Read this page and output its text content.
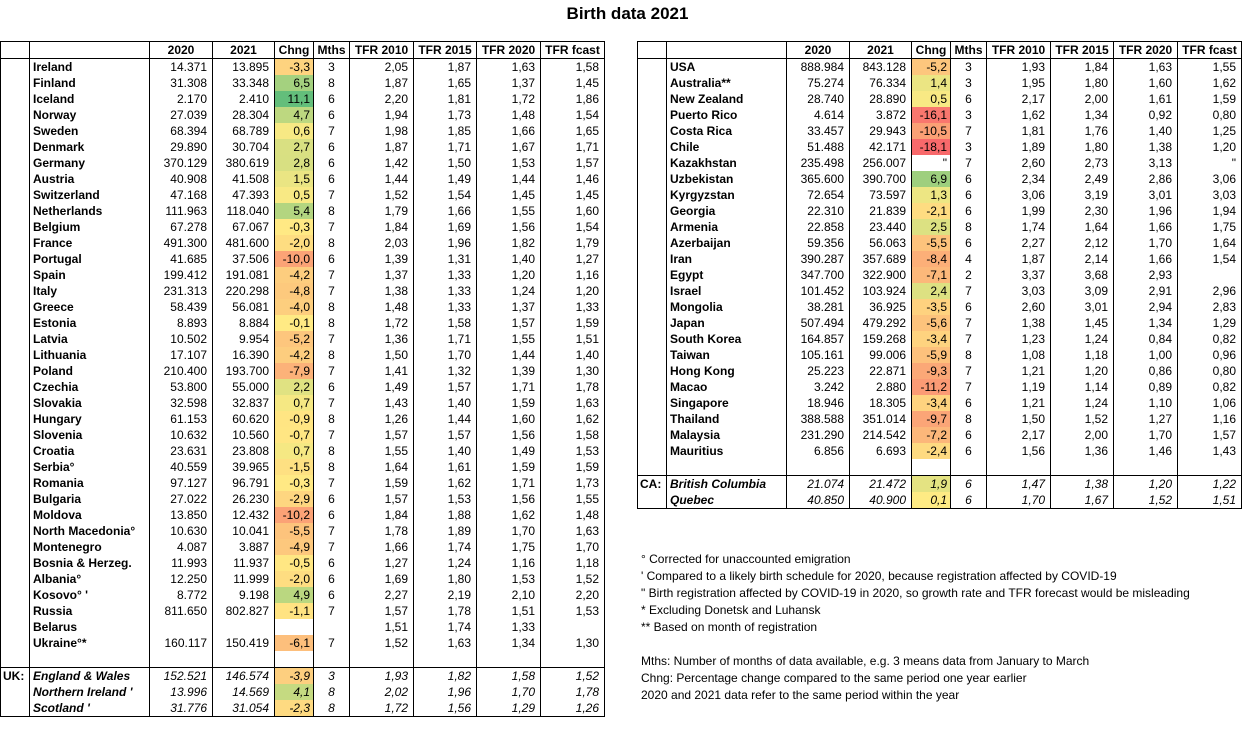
Birth data 2021
		2020	2021	Chng	Mths	TFR 2010	TFR 2015	TFR 2020	TFR fcast
	Ireland	14.371	13.895	-3,3	3	2,05	1,87	1,63	1,58
	Finland	31.308	33.348	6,5	8	1,87	1,65	1,37	1,45
	Iceland	2.170	2.410	11,1	6	2,20	1,81	1,72	1,86
	Norway	27.039	28.304	4,7	6	1,94	1,73	1,48	1,54
	Sweden	68.394	68.789	0,6	7	1,98	1,85	1,66	1,65
	Denmark	29.890	30.704	2,7	6	1,87	1,71	1,67	1,71
	Germany	370.129	380.619	2,8	6	1,42	1,50	1,53	1,57
	Austria	40.908	41.508	1,5	6	1,44	1,49	1,44	1,46
	Switzerland	47.168	47.393	0,5	7	1,52	1,54	1,45	1,45
	Netherlands	111.963	118.040	5,4	8	1,79	1,66	1,55	1,60
	Belgium	67.278	67.067	-0,3	7	1,84	1,69	1,56	1,54
	France	491.300	481.600	-2,0	8	2,03	1,96	1,82	1,79
	Portugal	41.685	37.506	-10,0	6	1,39	1,31	1,40	1,27
	Spain	199.412	191.081	-4,2	7	1,37	1,33	1,20	1,16
	Italy	231.313	220.298	-4,8	7	1,38	1,33	1,24	1,20
	Greece	58.439	56.081	-4,0	8	1,48	1,33	1,37	1,33
	Estonia	8.893	8.884	-0,1	8	1,72	1,58	1,57	1,59
	Latvia	10.502	9.954	-5,2	7	1,36	1,71	1,55	1,51
	Lithuania	17.107	16.390	-4,2	8	1,50	1,70	1,44	1,40
	Poland	210.400	193.700	-7,9	7	1,41	1,32	1,39	1,30
	Czechia	53.800	55.000	2,2	6	1,49	1,57	1,71	1,78
	Slovakia	32.598	32.837	0,7	7	1,43	1,40	1,59	1,63
	Hungary	61.153	60.620	-0,9	8	1,26	1,44	1,60	1,62
	Slovenia	10.632	10.560	-0,7	7	1,57	1,57	1,56	1,58
	Croatia	23.631	23.808	0,7	8	1,55	1,40	1,49	1,53
	Serbia°	40.559	39.965	-1,5	8	1,64	1,61	1,59	1,59
	Romania	97.127	96.791	-0,3	7	1,59	1,62	1,71	1,73
	Bulgaria	27.022	26.230	-2,9	6	1,57	1,53	1,56	1,55
	Moldova	13.850	12.432	-10,2	6	1,84	1,88	1,62	1,48
	North Macedonia°	10.630	10.041	-5,5	7	1,78	1,89	1,70	1,63
	Montenegro	4.087	3.887	-4,9	7	1,66	1,74	1,75	1,70
	Bosnia & Herzeg.	11.993	11.937	-0,5	6	1,27	1,24	1,16	1,18
	Albania°	12.250	11.999	-2,0	6	1,69	1,80	1,53	1,52
	Kosovo° '	8.772	9.198	4,9	6	2,27	2,19	2,10	2,20
	Russia	811.650	802.827	-1,1	7	1,57	1,78	1,51	1,53
	Belarus					1,51	1,74	1,33	
	Ukraine°*	160.117	150.419	-6,1	7	1,52	1,63	1,34	1,30

UK:	England & Wales	152.521	146.574	-3,9	3	1,93	1,82	1,58	1,52
	Northern Ireland '	13.996	14.569	4,1	8	2,02	1,96	1,70	1,78
	Scotland '	31.776	31.054	-2,3	8	1,72	1,56	1,29	1,26
		2020	2021	Chng	Mths	TFR 2010	TFR 2015	TFR 2020	TFR fcast
	USA	888.984	843.128	-5,2	3	1,93	1,84	1,63	1,55
	Australia**	75.274	76.334	1,4	3	1,95	1,80	1,60	1,62
	New Zealand	28.740	28.890	0,5	6	2,17	2,00	1,61	1,59
	Puerto Rico	4.614	3.872	-16,1	3	1,62	1,34	0,92	0,80
	Costa Rica	33.457	29.943	-10,5	7	1,81	1,76	1,40	1,25
	Chile	51.488	42.171	-18,1	3	1,89	1,80	1,38	1,20
	Kazakhstan	235.498	256.007	"	7	2,60	2,73	3,13	"
	Uzbekistan	365.600	390.700	6,9	6	2,34	2,49	2,86	3,06
	Kyrgyzstan	72.654	73.597	1,3	6	3,06	3,19	3,01	3,03
	Georgia	22.310	21.839	-2,1	6	1,99	2,30	1,96	1,94
	Armenia	22.858	23.440	2,5	8	1,74	1,64	1,66	1,75
	Azerbaijan	59.356	56.063	-5,5	6	2,27	2,12	1,70	1,64
	Iran	390.287	357.689	-8,4	4	1,87	2,14	1,66	1,54
	Egypt	347.700	322.900	-7,1	2	3,37	3,68	2,93	
	Israel	101.452	103.924	2,4	7	3,03	3,09	2,91	2,96
	Mongolia	38.281	36.925	-3,5	6	2,60	3,01	2,94	2,83
	Japan	507.494	479.292	-5,6	7	1,38	1,45	1,34	1,29
	South Korea	164.857	159.268	-3,4	7	1,23	1,24	0,84	0,82
	Taiwan	105.161	99.006	-5,9	8	1,08	1,18	1,00	0,96
	Hong Kong	25.223	22.871	-9,3	7	1,21	1,20	0,86	0,80
	Macao	3.242	2.880	-11,2	7	1,19	1,14	0,89	0,82
	Singapore	18.946	18.305	-3,4	6	1,21	1,24	1,10	1,06
	Thailand	388.588	351.014	-9,7	8	1,50	1,52	1,27	1,16
	Malaysia	231.290	214.542	-7,2	6	2,17	2,00	1,70	1,57
	Mauritius	6.856	6.693	-2,4	6	1,56	1,36	1,46	1,43

CA:	British Columbia	21.074	21.472	1,9	6	1,47	1,38	1,20	1,22
	Quebec	40.850	40.900	0,1	6	1,70	1,67	1,52	1,51
° Corrected for unaccounted emigration
' Compared to a likely birth schedule for 2020, because registration affected by COVID-19
" Birth registration affected by COVID-19 in 2020, so growth rate and TFR forecast would be misleading
* Excluding Donetsk and Luhansk
** Based on month of registration
Mths: Number of months of data available, e.g. 3 means data from January to March
Chng: Percentage change compared to the same period one year earlier
2020 and 2021 data refer to the same period within the year
